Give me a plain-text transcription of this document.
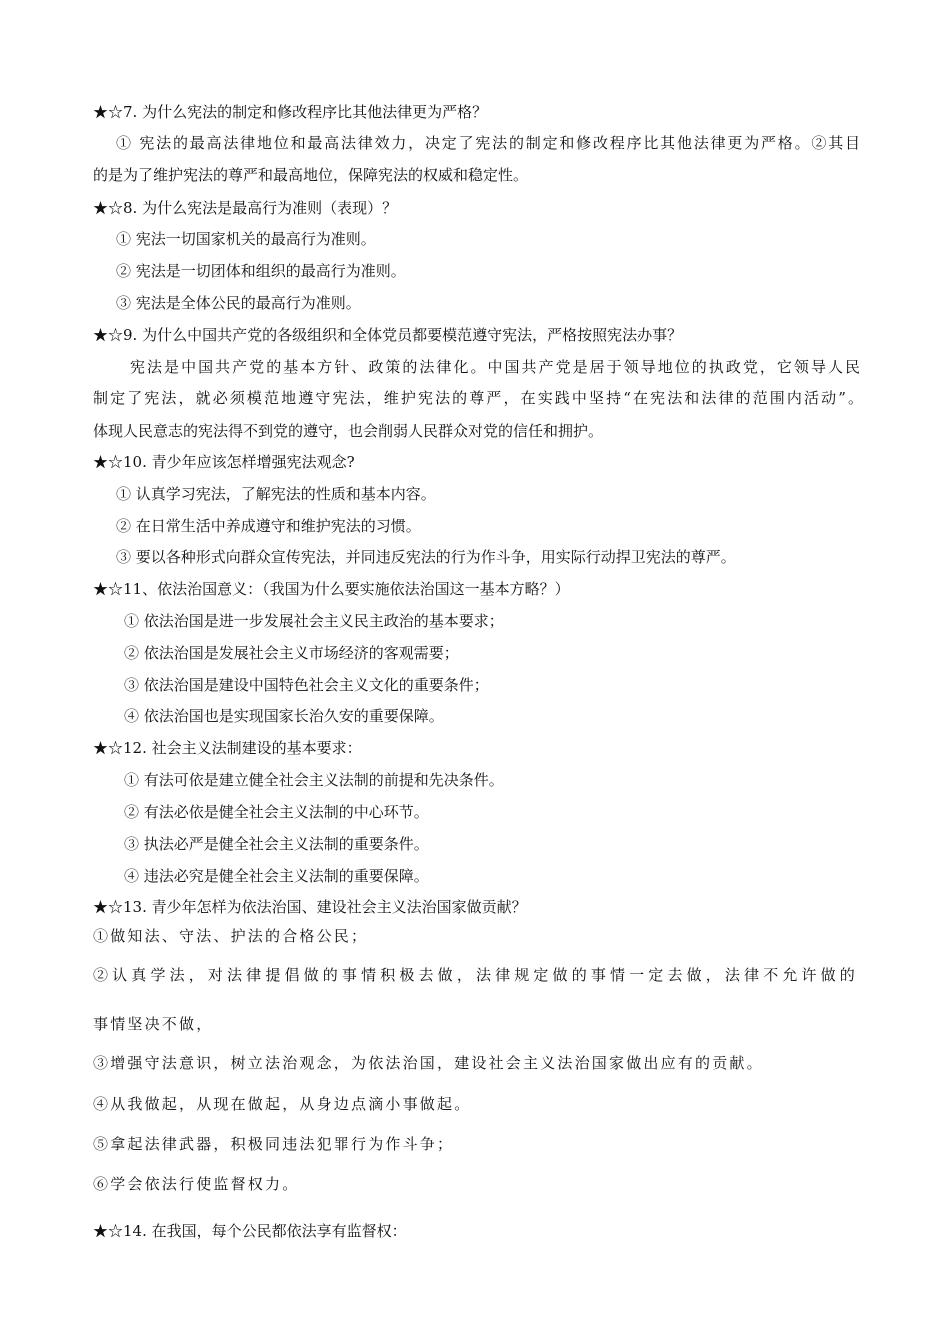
★☆7. 为什么宪法的制定和修改程序比其他法律更为严格？
① 宪法的最高法律地位和最高法律效力，决定了宪法的制定和修改程序比其他法律更为严格。②其目
的是为了维护宪法的尊严和最高地位，保障宪法的权威和稳定性。
★☆8. 为什么宪法是最高行为准则（表现）？
① 宪法一切国家机关的最高行为准则。
② 宪法是一切团体和组织的最高行为准则。
③ 宪法是全体公民的最高行为准则。
★☆9. 为什么中国共产党的各级组织和全体党员都要模范遵守宪法，严格按照宪法办事？
宪法是中国共产党的基本方针、政策的法律化。中国共产党是居于领导地位的执政党，它领导人民
制定了宪法，就必须模范地遵守宪法，维护宪法的尊严，在实践中坚持“在宪法和法律的范围内活动”。
体现人民意志的宪法得不到党的遵守，也会削弱人民群众对党的信任和拥护。
★☆10. 青少年应该怎样增强宪法观念?
① 认真学习宪法，了解宪法的性质和基本内容。
② 在日常生活中养成遵守和维护宪法的习惯。
③ 要以各种形式向群众宣传宪法，并同违反宪法的行为作斗争，用实际行动捍卫宪法的尊严。
★☆11、依法治国意义：（我国为什么要实施依法治国这一基本方略？）
① 依法治国是进一步发展社会主义民主政治的基本要求；
② 依法治国是发展社会主义市场经济的客观需要；
③ 依法治国是建设中国特色社会主义文化的重要条件；
④ 依法治国也是实现国家长治久安的重要保障。
★☆12. 社会主义法制建设的基本要求：
① 有法可依是建立健全社会主义法制的前提和先决条件。
② 有法必依是健全社会主义法制的中心环节。
③ 执法必严是健全社会主义法制的重要条件。
④ 违法必究是健全社会主义法制的重要保障。
★☆13. 青少年怎样为依法治国、建设社会主义法治国家做贡献？
①做知法、守法、护法的合格公民；
②认真学法，对法律提倡做的事情积极去做，法律规定做的事情一定去做，法律不允许做的
事情坚决不做，
③增强守法意识，树立法治观念，为依法治国，建设社会主义法治国家做出应有的贡献。
④从我做起，从现在做起，从身边点滴小事做起。
⑤拿起法律武器，积极同违法犯罪行为作斗争；
⑥学会依法行使监督权力。
★☆14. 在我国，每个公民都依法享有监督权：
